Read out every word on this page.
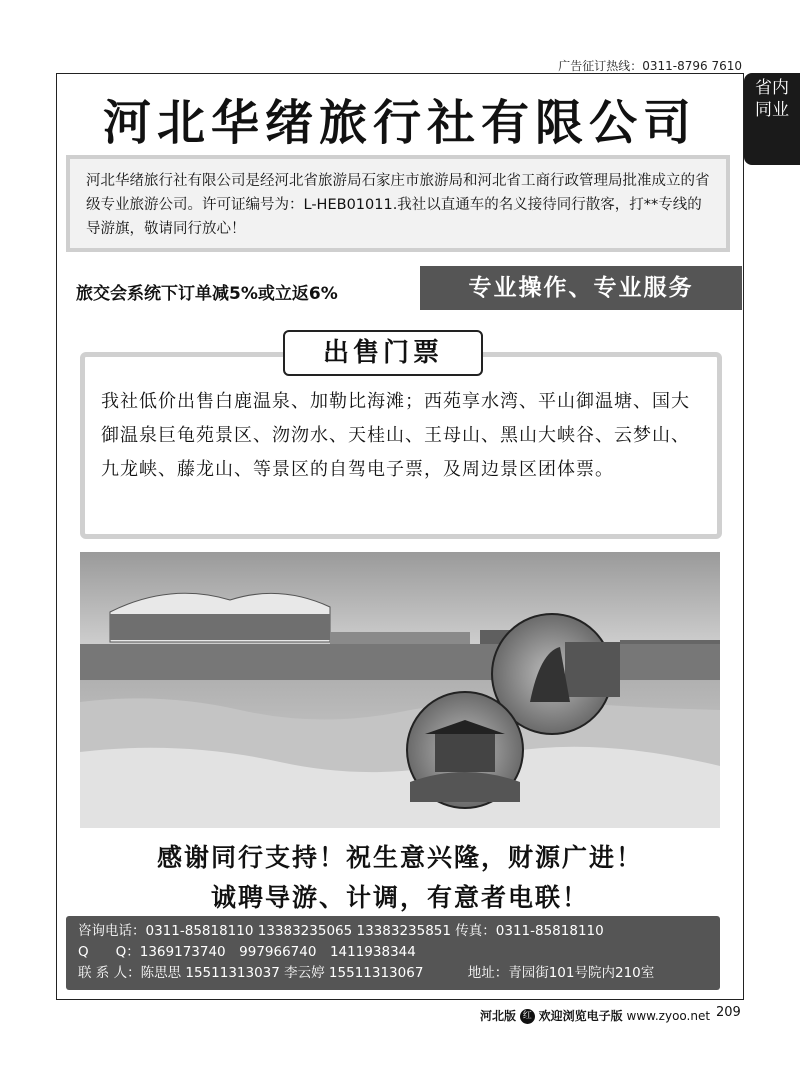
广告征订热线：0311-8796 7610
省内同业
河北华绪旅行社有限公司
河北华绪旅行社有限公司是经河北省旅游局石家庄市旅游局和河北省工商行政管理局批准成立的省级专业旅游公司。许可证编号为：L-HEB01011.我社以直通车的名义接待同行散客，打**专线的导游旗，敬请同行放心！
旅交会系统下订单减5%或立返6%	专业操作、专业服务
我社低价出售白鹿温泉、加勒比海滩；西苑享水湾、平山御温塘、国大御温泉巨龟苑景区、沕沕水、天桂山、王母山、黑山大峡谷、云梦山、九龙峡、藤龙山、等景区的自驾电子票，及周边景区团体票。
出售门票
感谢同行支持！祝生意兴隆，财源广进！
诚聘导游、计调，有意者电联！
咨询电话：0311-85818110 13383235065 13383235851 传真：0311-85818110
Q　　Q：1369173740　997966740　1411938344
联 系 人：陈思思 15511313037 李云婷 15511313067	地址：青园街101号院内210室
河北版 红 欢迎浏览电子版 www.zyoo.net 209
